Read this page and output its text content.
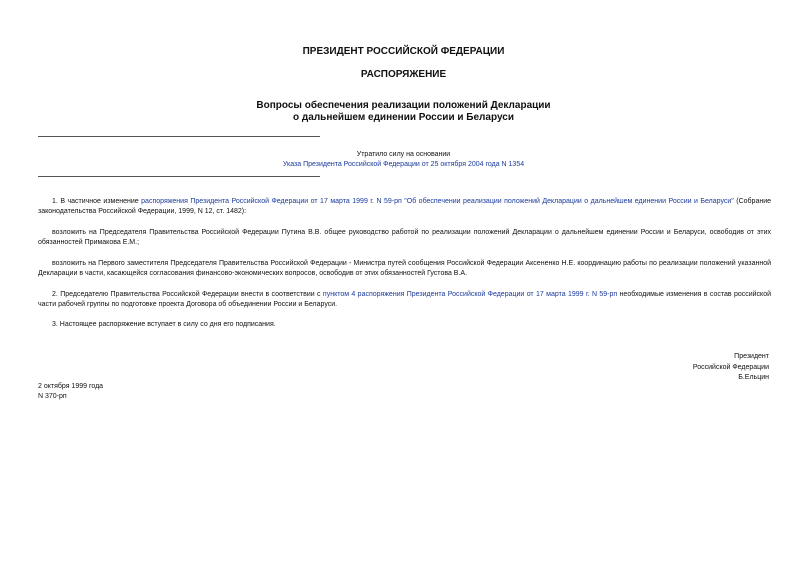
ПРЕЗИДЕНТ РОССИЙСКОЙ ФЕДЕРАЦИИ
РАСПОРЯЖЕНИЕ
Вопросы обеспечения реализации положений Декларации
о дальнейшем единении России и Беларуси
Утратило силу на основании
Указа Президента Российской Федерации от 25 октября 2004 года N 1354

1. В частичное изменение распоряжения Президента Российской Федерации от 17 марта 1999 г. N 59-рп "Об обеспечении реализации положений Декларации о дальнейшем единении России и Беларуси" (Собрание законодательства Российской Федерации, 1999, N 12, ст. 1482):

возложить на Председателя Правительства Российской Федерации Путина В.В. общее руководство работой по реализации положений Декларации о дальнейшем единении России и Беларуси, освободив от этих обязанностей Примакова Е.М.;

возложить на Первого заместителя Председателя Правительства Российской Федерации - Министра путей сообщения Российской Федерации Аксененко Н.Е. координацию работы по реализации положений указанной Декларации в части, касающейся согласования финансово-экономических вопросов, освободив от этих обязанностей Густова В.А.

2. Председателю Правительства Российской Федерации внести в соответствии с пунктом 4 распоряжения Президента Российской Федерации от 17 марта 1999 г. N 59-рп необходимые изменения в состав российской части рабочей группы по подготовке проекта Договора об объединении России и Беларуси.

3. Настоящее распоряжение вступает в силу со дня его подписания.

Президент
Российской Федерации
Б.Ельцин
2 октября 1999 года
N 370-рп
